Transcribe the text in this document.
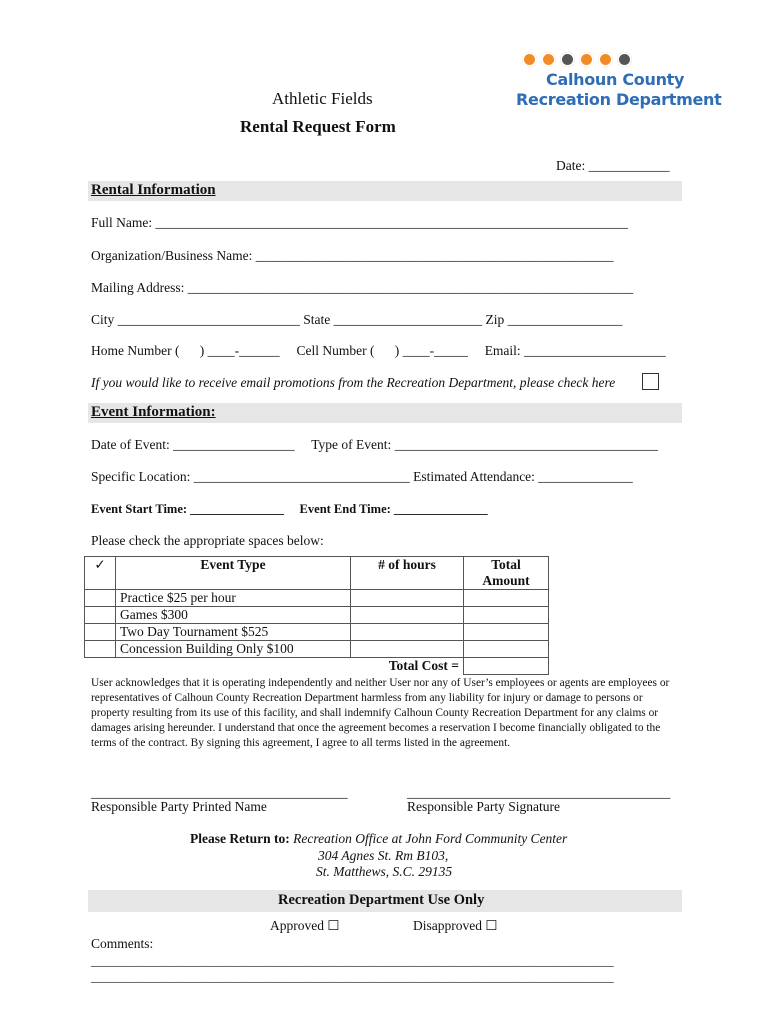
Calhoun County
Recreation Department
Athletic Fields
Rental Request Form
Date: ____________
Rental Information
Full Name: ______________________________________________________________________
Organization/Business Name: _____________________________________________________
Mailing Address: __________________________________________________________________
City ___________________________ State ______________________ Zip _________________
Home Number (      ) ____-______     Cell Number (      ) ____-_____     Email: _____________________
If you would like to receive email promotions from the Recreation Department, please check here
Event Information:
Date of Event: __________________     Type of Event: _______________________________________
Specific Location: ________________________________ Estimated Attendance: ______________
Event Start Time: _______________     Event End Time: _______________
Please check the appropriate spaces below:
✓	Event Type	# of hours	Total Amount
	Practice $25 per hour		
	Games $300		
	Two Day Tournament $525		
	Concession Building Only $100		
	Total Cost =		
User acknowledges that it is operating independently and neither User nor any of User’s employees or agents are employees or representatives of Calhoun County Recreation Department harmless from any liability for injury or damage to persons or property resulting from its use of this facility, and shall indemnify Calhoun County Recreation Department for any claims or damages arising hereunder. I understand that once the agreement becomes a reservation I become financially obligated to the terms of the contract. By signing this agreement, I agree to all terms listed in the agreement.
______________________________________	_______________________________________
Responsible Party Printed Name	Responsible Party Signature
Please Return to: Recreation Office at John Ford Community Center
304 Agnes St. Rm B103,
St. Matthews, S.C. 29135
Recreation Department Use Only
Approved ☐	Disapproved ☐
Comments:
_____________________________________________________________________________________
_____________________________________________________________________________________
